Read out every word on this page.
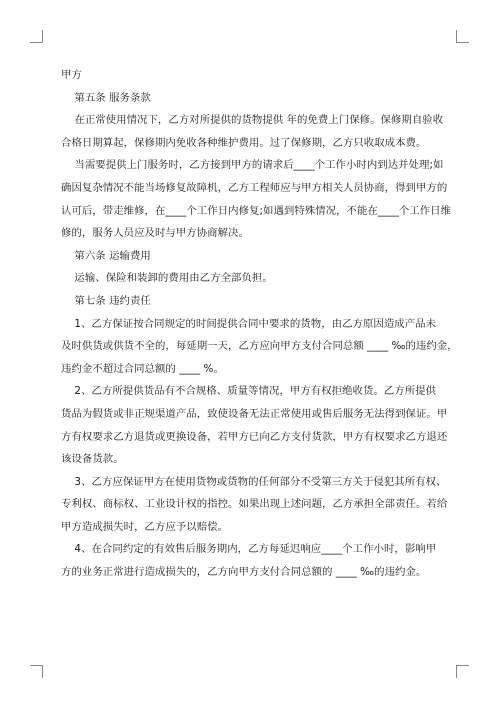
甲方

第五条 服务条款

在正常使用情况下，乙方对所提供的货物提供 年的免费上门保修。保修期自验收

合格日期算起，保修期内免收各种维护费用。过了保修期，乙方只收取成本费。

当需要提供上门服务时，乙方接到甲方的请求后____个工作小时内到达并处理;如

确因复杂情况不能当场修复故障机，乙方工程师应与甲方相关人员协商，得到甲方的

认可后，带走维修，在____个工作日内修复;如遇到特殊情况，不能在____个工作日维

修的，服务人员应及时与甲方协商解决。

第六条 运输费用

运输、保险和装卸的费用由乙方全部负担。

第七条 违约责任

1、乙方保证按合同规定的时间提供合同中要求的货物，由乙方原因造成产品未

及时供货或供货不全的，每延期一天，乙方应向甲方支付合同总额 ____ ‰的违约金，

违约金不超过合同总额的 ____ %。

2、乙方所提供货品有不合规格、质量等情况，甲方有权拒绝收货。乙方所提供

货品为假货或非正规渠道产品，致使设备无法正常使用或售后服务无法得到保证。甲

方有权要求乙方退货或更换设备，若甲方已向乙方支付货款，甲方有权要求乙方退还

该设备货款。

3、乙方应保证甲方在使用货物或货物的任何部分不受第三方关于侵犯其所有权、

专利权、商标权、工业设计权的指控。如果出现上述问题，乙方承担全部责任。若给

甲方造成损失时，乙方应予以赔偿。

4、在合同约定的有效售后服务期内，乙方每延迟响应____个工作小时，影响甲

方的业务正常进行造成损失的，乙方向甲方支付合同总额的 ____ ‰的违约金。
